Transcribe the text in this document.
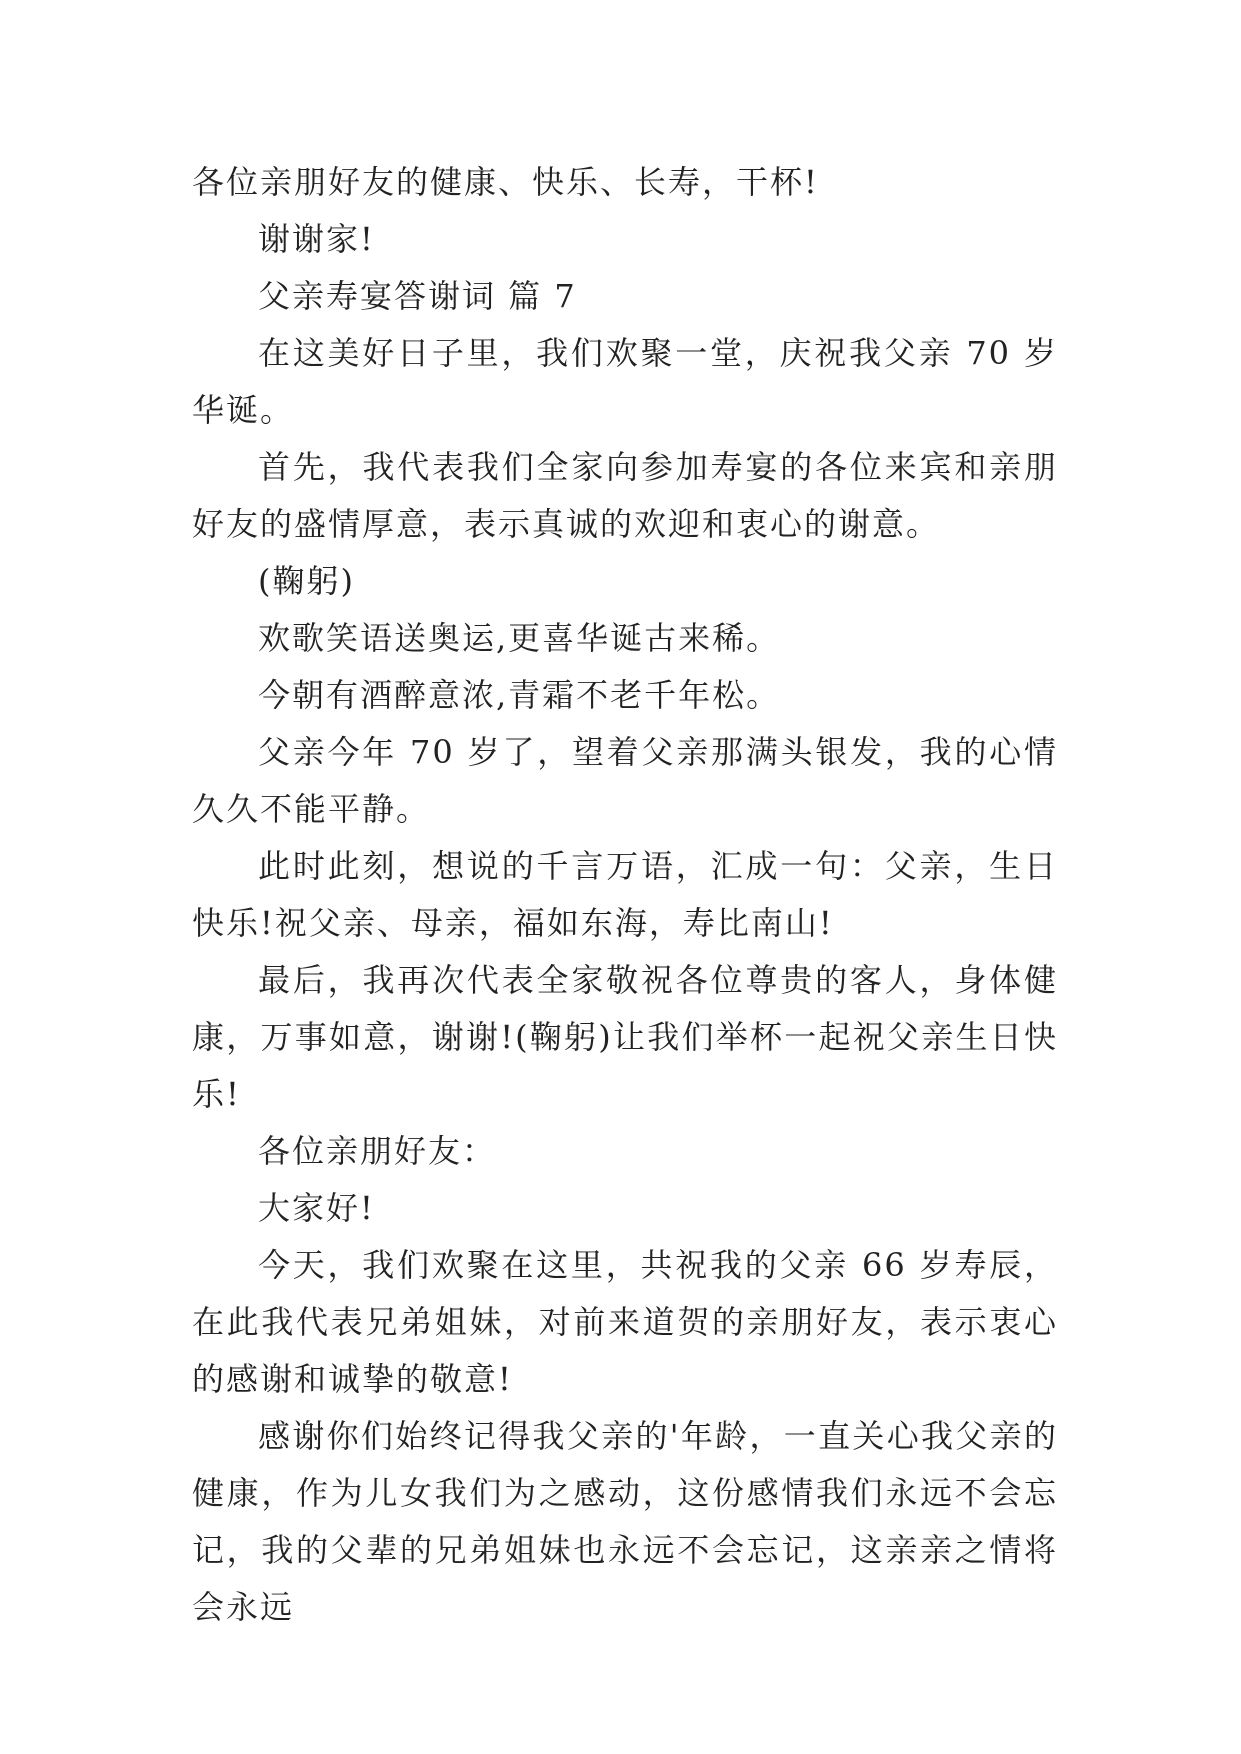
各位亲朋好友的健康、快乐、长寿，干杯!

谢谢家!

父亲寿宴答谢词 篇 7

在这美好日子里，我们欢聚一堂，庆祝我父亲 70 岁华诞。

首先，我代表我们全家向参加寿宴的各位来宾和亲朋好友的盛情厚意，表示真诚的欢迎和衷心的谢意。

(鞠躬)

欢歌笑语送奥运,更喜华诞古来稀。

今朝有酒醉意浓,青霜不老千年松。

父亲今年 70 岁了，望着父亲那满头银发，我的心情久久不能平静。

此时此刻，想说的千言万语，汇成一句：父亲，生日快乐!祝父亲、母亲，福如东海，寿比南山!

最后，我再次代表全家敬祝各位尊贵的客人，身体健康，万事如意，谢谢!(鞠躬)让我们举杯一起祝父亲生日快乐!

各位亲朋好友：

大家好!

今天，我们欢聚在这里，共祝我的父亲 66 岁寿辰，在此我代表兄弟姐妹，对前来道贺的亲朋好友，表示衷心的感谢和诚挚的敬意!

感谢你们始终记得我父亲的'年龄，一直关心我父亲的健康，作为儿女我们为之感动，这份感情我们永远不会忘记，我的父辈的兄弟姐妹也永远不会忘记，这亲亲之情将会永远
